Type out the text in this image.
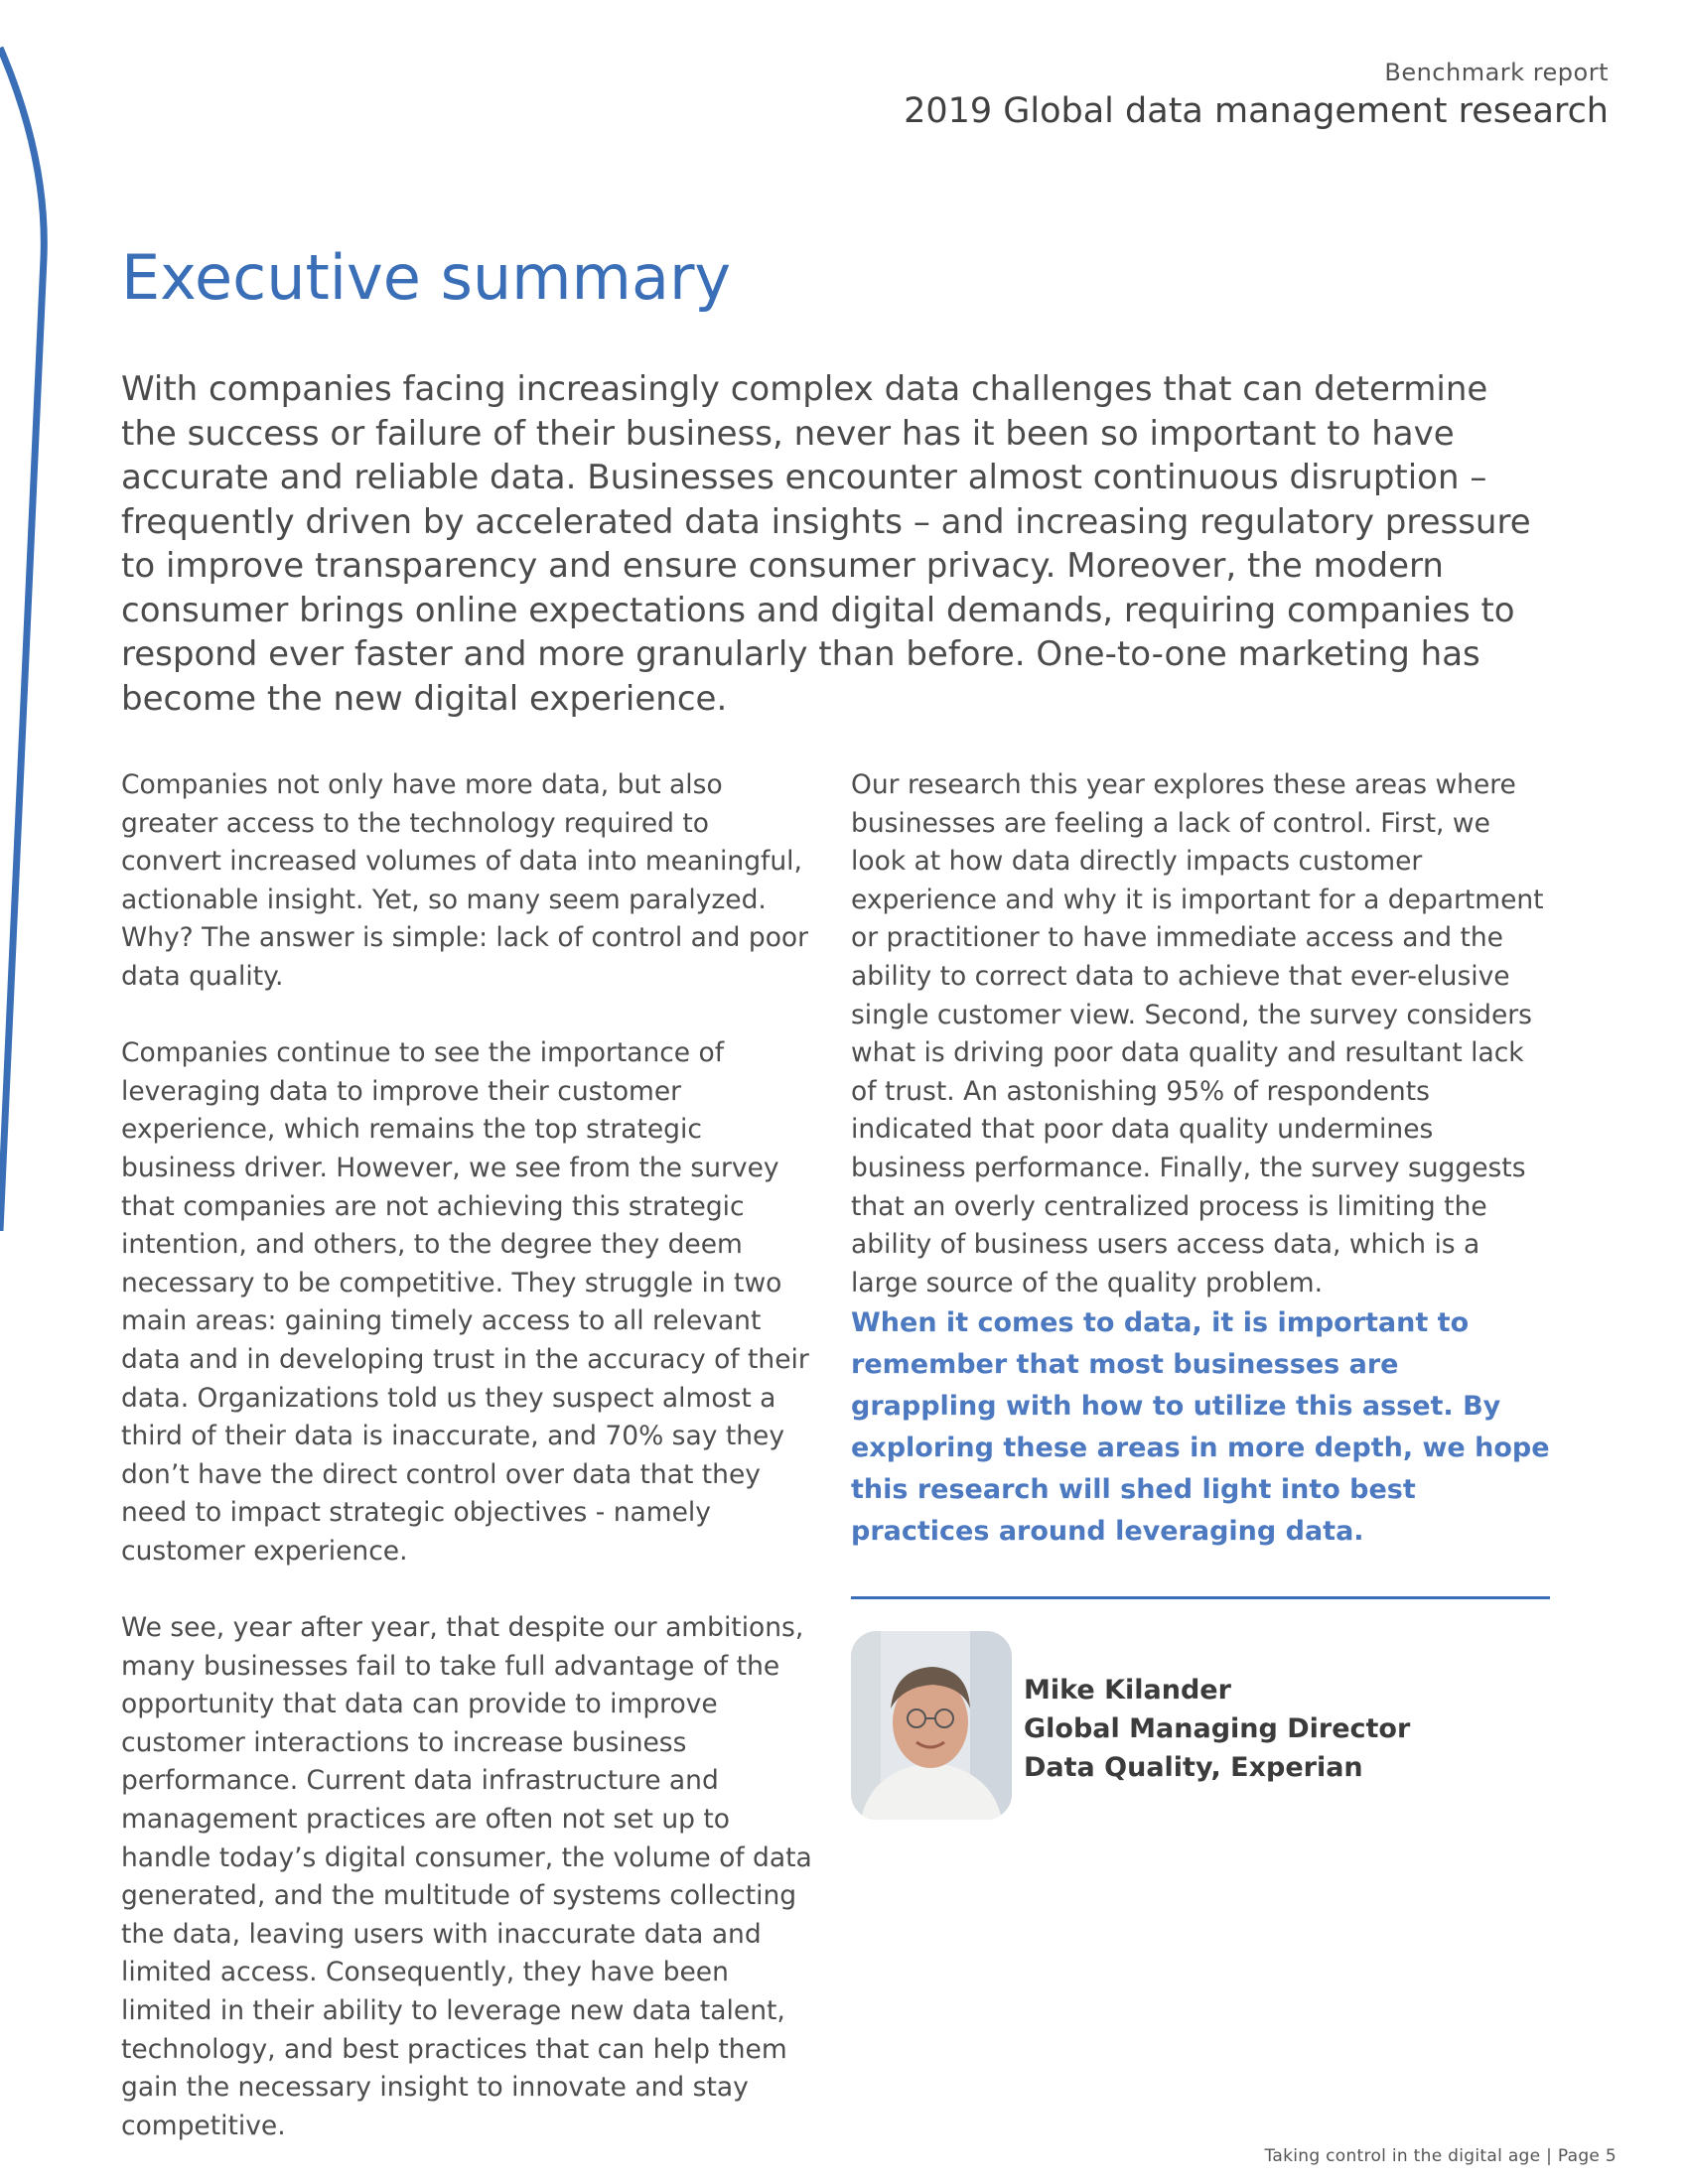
Benchmark report
2019 Global data management research
Executive summary

With companies facing increasingly complex data challenges that can determine the success or failure of their business, never has it been so important to have accurate and reliable data. Businesses encounter almost continuous disruption – frequently driven by accelerated data insights – and increasing regulatory pressure to improve transparency and ensure consumer privacy. Moreover, the modern consumer brings online expectations and digital demands, requiring companies to respond ever faster and more granularly than before. One-to-one marketing has become the new digital experience.

Companies not only have more data, but also greater access to the technology required to convert increased volumes of data into meaningful, actionable insight. Yet, so many seem paralyzed. Why? The answer is simple: lack of control and poor data quality.

Companies continue to see the importance of leveraging data to improve their customer experience, which remains the top strategic business driver. However, we see from the survey that companies are not achieving this strategic intention, and others, to the degree they deem necessary to be competitive. They struggle in two main areas: gaining timely access to all relevant data and in developing trust in the accuracy of their data. Organizations told us they suspect almost a third of their data is inaccurate, and 70% say they don’t have the direct control over data that they need to impact strategic objectives - namely customer experience.

We see, year after year, that despite our ambitions, many businesses fail to take full advantage of the opportunity that data can provide to improve customer interactions to increase business performance. Current data infrastructure and management practices are often not set up to handle today’s digital consumer, the volume of data generated, and the multitude of systems collecting the data, leaving users with inaccurate data and limited access. Consequently, they have been limited in their ability to leverage new data talent, technology, and best practices that can help them gain the necessary insight to innovate and stay competitive.

Our research this year explores these areas where businesses are feeling a lack of control. First, we look at how data directly impacts customer experience and why it is important for a department or practitioner to have immediate access and the ability to correct data to achieve that ever-elusive single customer view. Second, the survey considers what is driving poor data quality and resultant lack of trust. An astonishing 95% of respondents indicated that poor data quality undermines business performance. Finally, the survey suggests that an overly centralized process is limiting the ability of business users access data, which is a large source of the quality problem.

When it comes to data, it is important to remember that most businesses are grappling with how to utilize this asset. By exploring these areas in more depth, we hope this research will shed light into best practices around leveraging data.

Mike Kilander
Global Managing Director
Data Quality, Experian
Taking control in the digital age | Page 5
